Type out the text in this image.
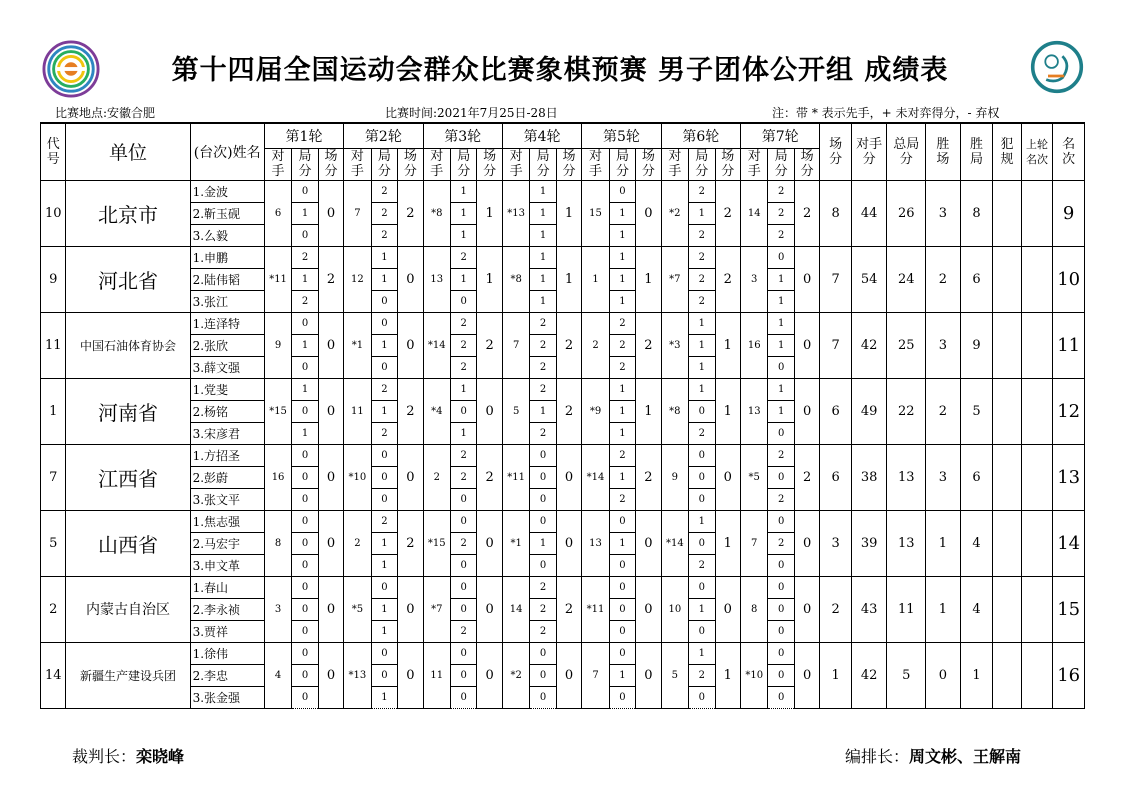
第十四届全国运动会群众比赛象棋预赛 男子团体公开组 成绩表
比赛地点:安徽合肥	比赛时间:2021年7月25日-28日	注：带 * 表示先手，+ 未对弈得分，- 弃权
代号	单位	(台次)姓名	第1轮			第2轮			第3轮			第4轮			第5轮			第6轮			第7轮			场分	对手分	总局分	胜场	胜局	犯规	上轮名次	名次
			对手	局分	场分	对手	局分	场分	对手	局分	场分	对手	局分	场分	对手	局分	场分	对手	局分	场分	对手	局分	场分								
10	北京市	1.金波	6	0	0	7	2	2	*8	1	1	*13	1	1	15	0	0	*2	2	2	14	2	2	8	44	26	3	8			9
		2.靳玉砚		1			2			1			1			1			1			2									
		3.么毅		0			2			1			1			1			2			2									
9	河北省	1.申鹏	*11	2	2	12	1	0	13	2	1	*8	1	1	1	1	1	*7	2	2	3	0	0	7	54	24	2	6			10
		2.陆伟韬		1			1			1			1			1			2			1									
		3.张江		2			0			0			1			1			2			1									
11	中国石油体育协会	1.连泽特	9	0	0	*1	0	0	*14	2	2	7	2	2	2	2	2	*3	1	1	16	1	0	7	42	25	3	9			11
		2.张欣		1			1			2			2			2			1			1									
		3.薛文强		0			0			2			2			2			1			0									
1	河南省	1.党斐	*15	1	0	11	2	2	*4	1	0	5	2	2	*9	1	1	*8	1	1	13	1	0	6	49	22	2	5			12
		2.杨铭		0			1			0			1			1			0			1									
		3.宋彦君		1			2			1			2			1			2			0									
7	江西省	1.方招圣	16	0	0	*10	0	0	2	2	2	*11	0	0	*14	2	2	9	0	0	*5	2	2	6	38	13	3	6			13
		2.彭蔚		0			0			2			0			1			0			0									
		3.张文平		0			0			0			0			2			0			2									
5	山西省	1.焦志强	8	0	0	2	2	2	*15	0	0	*1	0	0	13	0	0	*14	1	1	7	0	0	3	39	13	1	4			14
		2.马宏宇		0			1			2			1			1			0			2									
		3.申文革		0			1			0			0			0			2			0									
2	内蒙古自治区	1.春山	3	0	0	*5	0	0	*7	0	0	14	2	2	*11	0	0	10	0	0	8	0	0	2	43	11	1	4			15
		2.李永祯		0			1			0			2			0			1			0									
		3.贾祥		0			1			2			2			0			0			0									
14	新疆生产建设兵团	1.徐伟	4	0	0	*13	0	0	11	0	0	*2	0	0	7	0	0	5	1	1	*10	0	0	1	42	5	0	1			16
		2.李忠		0			0			0			0			1			2			0									
		3.张金强		0			1			0			0			0			0			0									
裁判长：栾晓峰	编排长：周文彬、王解南
